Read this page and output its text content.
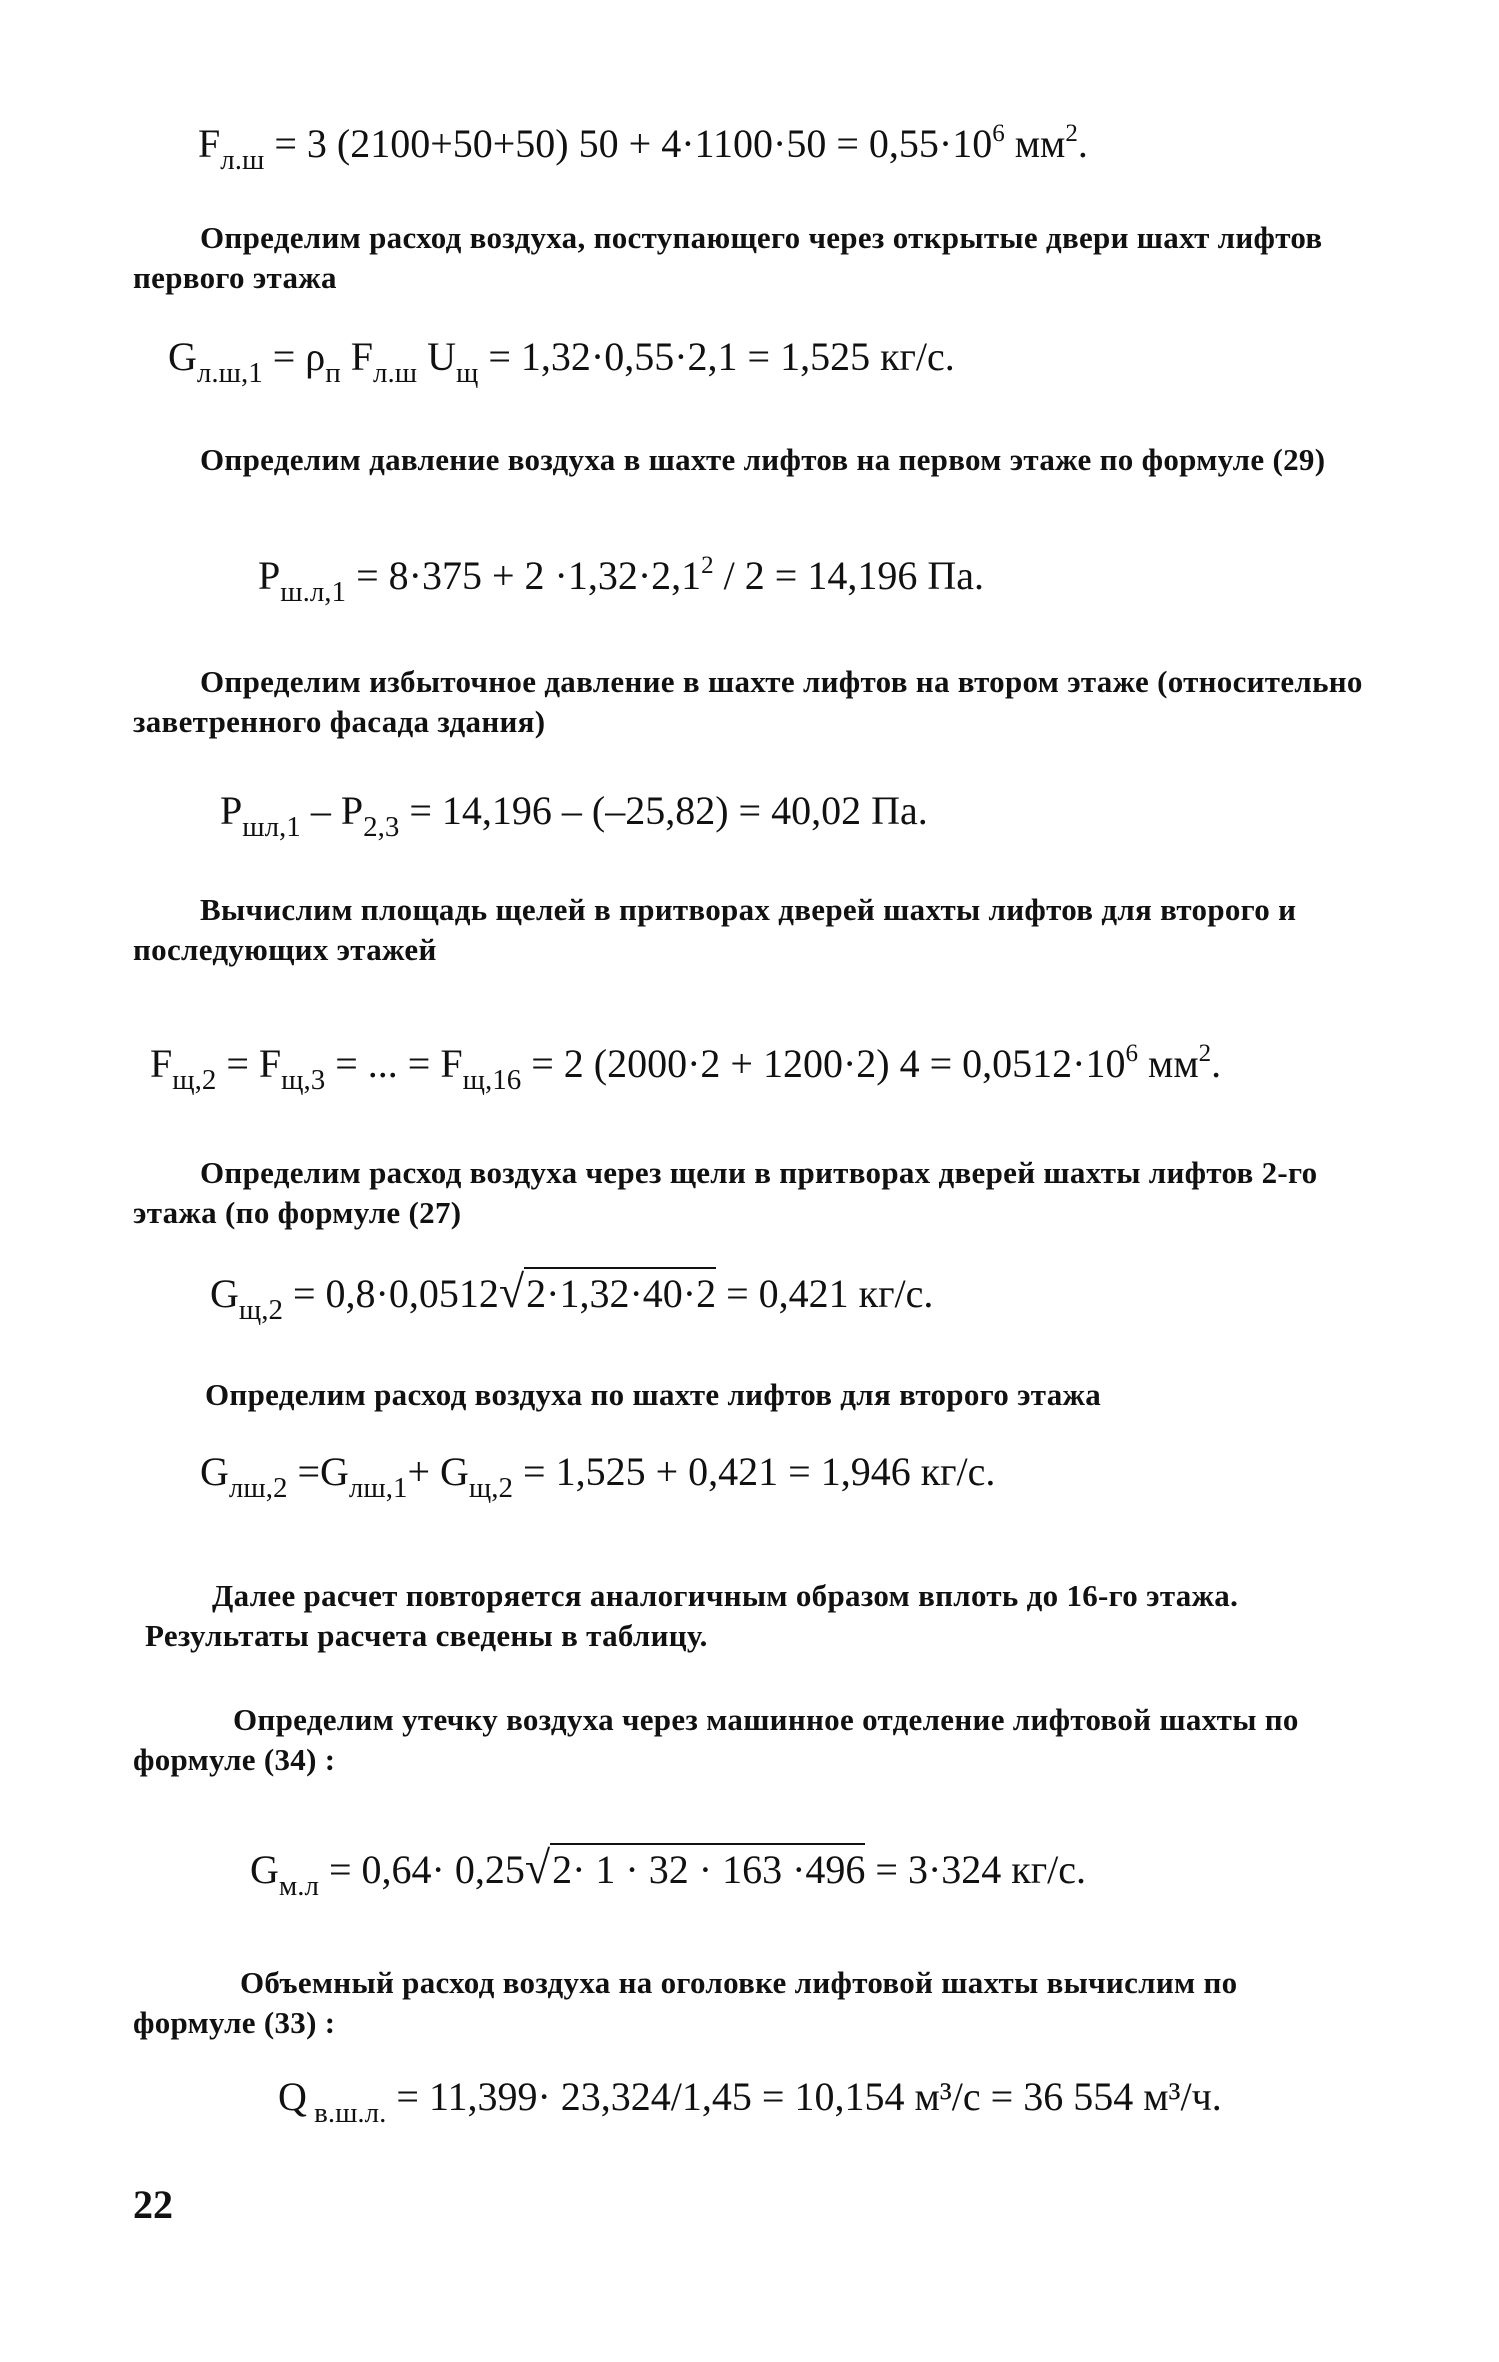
$F_{л.ш} = 3$ (2100+50+50) $50 + 4\cdot 1100\cdot 50 = 0,55\cdot 10^6$ $мм^2$.

Определим расход воздуха, поступающего через открытые двери шахт лифтов первого этажа

$G_{л.ш,1} = \rho_п$ $F_{л.ш}$ $U_щ = 1,32\cdot 0,55\cdot 2,1 = 1,525$ кг/с.

Определим давление воздуха в шахте лифтов на первом этаже по формуле (29)

$P_{ш.л,1} = 8\cdot 375 + 2 \cdot 1,32\cdot 2,1^2 / 2 = 14,196$ Па.

Определим избыточное давление в шахте лифтов на втором этаже (относительно заветренного фасада здания)

$P_{шл,1} - P_{2,3} = 14,196 - (-25,82) = 40,02$ Па.

Вычислим площадь щелей в притворах дверей шахты лифтов для второго и последующих этажей

$F_{щ,2} = F_{щ,3}$ = ... = $F_{щ,16} = 2$ (2000·2 + 1200·2) $4 = 0,0512\cdot 10^6$ $мм^2$.

Определим расход воздуха через щели в притворах дверей шахты лифтов 2-го этажа (по формуле (27)

$G_{щ,2} = 0,8\cdot 0,0512√2\cdot 1,32\cdot 40\cdot 2 = 0,421$ кг/с.

Определим расход воздуха по шахте лифтов для второго этажа

$G_{лш,2} =G_{лш,1}+ G_{щ,2} = 1,525 + 0,421 = 1,946$ кг/с.

Далее расчет повторяется аналогичным образом вплоть до 16-го этажа. Результаты расчета сведены в таблицу.

Определим утечку воздуха через машинное отделение лифтовой шахты по формуле (34) :

$G_{м.л} = 0,64\cdot 0,25√2\cdot 1 \cdot 32 \cdot 163 \cdot 496 = 3\cdot 324$ кг/с.

Объемный расход воздуха на оголовке лифтовой шахты вычислим по формуле (33) :

Q $_{в.ш.л.}$ = 11,399· 23,324/1,45 = 10,154 м³/с = 36 554 м³/ч.
22
